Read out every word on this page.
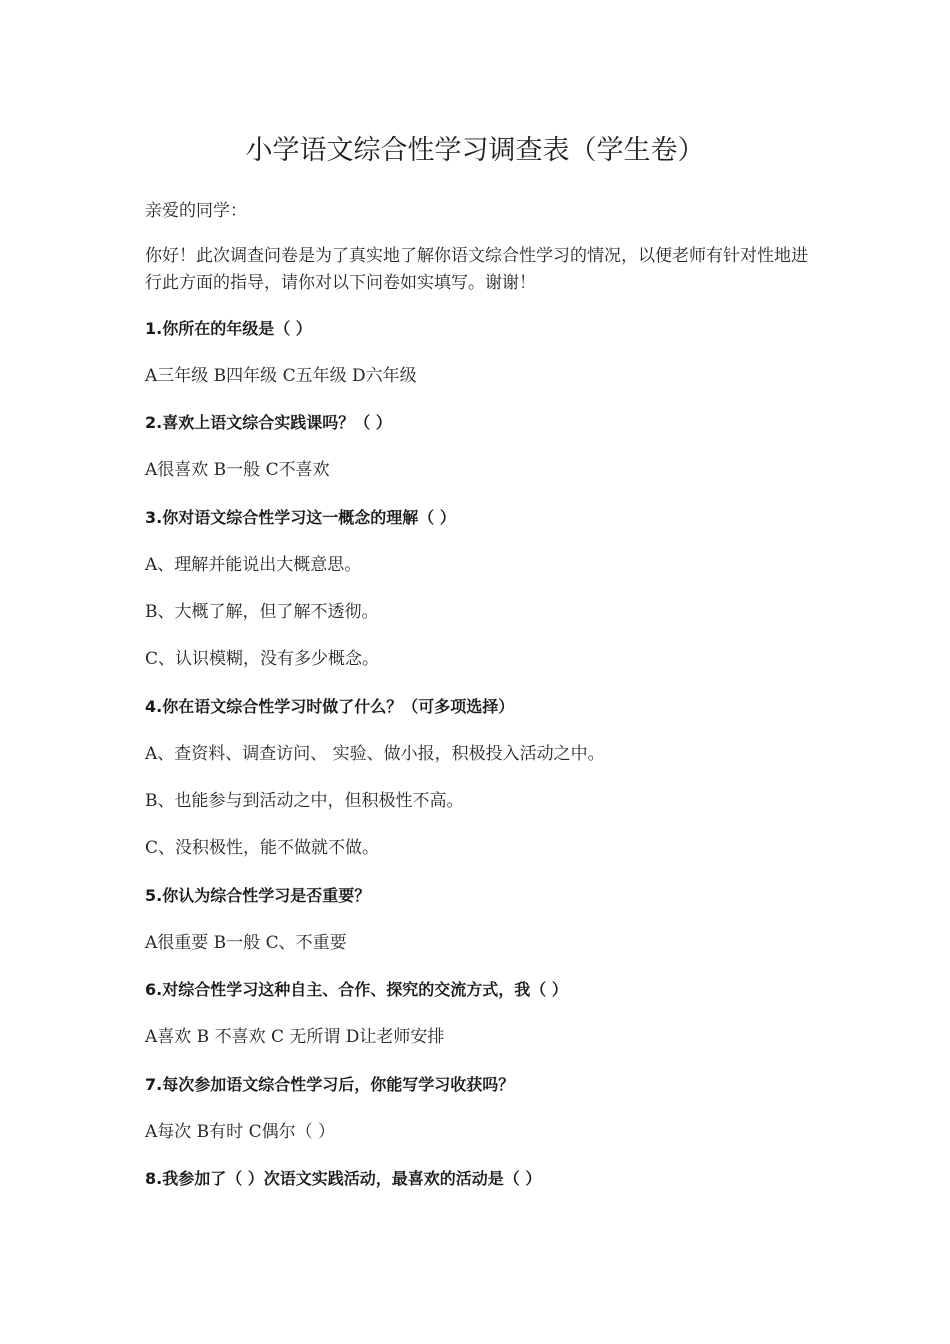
小学语文综合性学习调查表（学生卷）

亲爱的同学：

你好！此次调查问卷是为了真实地了解你语文综合性学习的情况，以便老师有针对性地进行此方面的指导，请你对以下问卷如实填写。谢谢！

1.你所在的年级是（ ）

A三年级 B四年级 C五年级 D六年级

2.喜欢上语文综合实践课吗？（ ）

A很喜欢 B一般 C不喜欢

3.你对语文综合性学习这一概念的理解（ ）

A、理解并能说出大概意思。

B、大概了解，但了解不透彻。

C、认识模糊，没有多少概念。

4.你在语文综合性学习时做了什么？（可多项选择）

A、查资料、调查访问、 实验、做小报，积极投入活动之中。

B、也能参与到活动之中，但积极性不高。

C、没积极性，能不做就不做。

5.你认为综合性学习是否重要？

A很重要 B一般 C、不重要

6.对综合性学习这种自主、合作、探究的交流方式，我（ ）

A喜欢 B 不喜欢 C 无所谓 D让老师安排

7.每次参加语文综合性学习后，你能写学习收获吗？

A每次 B有时 C偶尔（ ）

8.我参加了（ ）次语文实践活动，最喜欢的活动是（ ）
